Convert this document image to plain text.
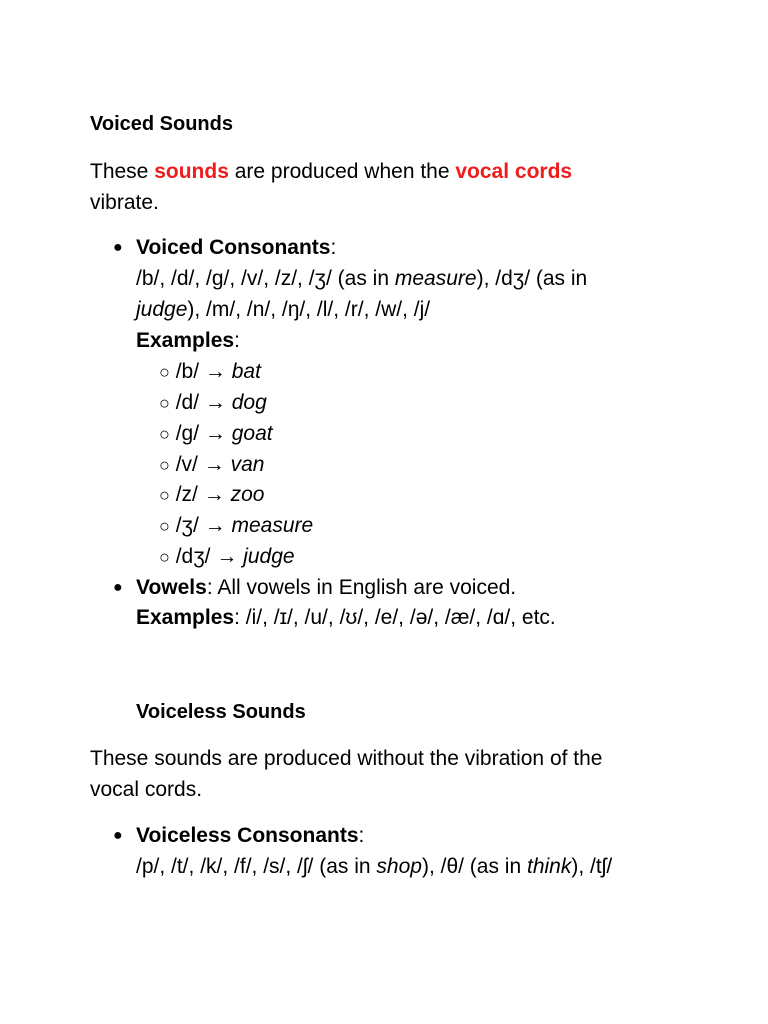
Voiced Sounds
These sounds are produced when the vocal cords
vibrate.
● Voiced Consonants:
/b/, /d/, /g/, /v/, /z/, /ʒ/ (as in measure), /dʒ/ (as in
judge), /m/, /n/, /ŋ/, /l/, /r/, /w/, /j/
Examples:
○ /b/ → bat
○ /d/ → dog
○ /g/ → goat
○ /v/ → van
○ /z/ → zoo
○ /ʒ/ → measure
○ /dʒ/ → judge
● Vowels: All vowels in English are voiced.
Examples: /i/, /ɪ/, /u/, /ʊ/, /e/, /ə/, /æ/, /ɑ/, etc.
Voiceless Sounds
These sounds are produced without the vibration of the
vocal cords.
● Voiceless Consonants:
/p/, /t/, /k/, /f/, /s/, /ʃ/ (as in shop), /θ/ (as in think), /tʃ/
